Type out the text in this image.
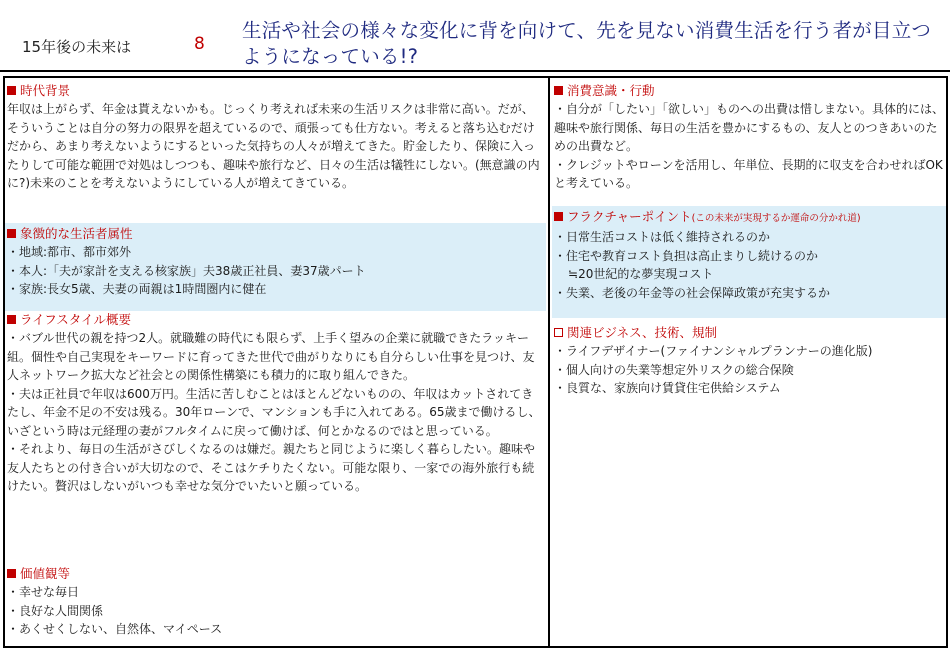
15年後の未来は	8
生活や社会の様々な変化に背を向けて、先を見ない消費生活を行う者が目立つようになっている!?
時代背景
年収は上がらず、年金は貰えないかも。じっくり考えれば未来の生活リスクは非常に高い。だが、そういうことは自分の努力の限界を超えているので、頑張っても仕方ない。考えると落ち込むだけだから、あまり考えないようにするといった気持ちの人々が増えてきた。貯金したり、保険に入ったりして可能な範囲で対処はしつつも、趣味や旅行など、日々の生活は犠牲にしない。(無意識の内に?)未来のことを考えないようにしている人が増えてきている。
象徴的な生活者属性
・地域:都市、都市郊外
・本人:「夫が家計を支える核家族」夫38歳正社員、妻37歳パート
・家族:長女5歳、夫妻の両親は1時間圏内に健在
ライフスタイル概要
・バブル世代の親を持つ2人。就職難の時代にも限らず、上手く望みの企業に就職できたラッキー組。個性や自己実現をキーワードに育ってきた世代で曲がりなりにも自分らしい仕事を見つけ、友人ネットワーク拡大など社会との関係性構築にも積力的に取り組んできた。
・夫は正社員で年収は600万円。生活に苦しむことはほとんどないものの、年収はカットされてきたし、年金不足の不安は残る。30年ローンで、マンションも手に入れてある。65歳まで働けるし、いざという時は元経理の妻がフルタイムに戻って働けば、何とかなるのではと思っている。
・それより、毎日の生活がさびしくなるのは嫌だ。親たちと同じように楽しく暮らしたい。趣味や友人たちとの付き合いが大切なので、そこはケチりたくない。可能な限り、一家での海外旅行も続けたい。贅沢はしないがいつも幸せな気分でいたいと願っている。
価値観等
・幸せな毎日
・良好な人間関係
・あくせくしない、自然体、マイペース
消費意識・行動
・自分が「したい」「欲しい」ものへの出費は惜しまない。具体的には、趣味や旅行関係、毎日の生活を豊かにするもの、友人とのつきあいのための出費など。
・クレジットやローンを活用し、年単位、長期的に収支を合わせればOKと考えている。
フラクチャーポイント(この未来が実現するか運命の分かれ道)
・日常生活コストは低く維持されるのか
・住宅や教育コスト負担は高止まりし続けるのか
≒20世紀的な夢実現コスト
・失業、老後の年金等の社会保障政策が充実するか
関連ビジネス、技術、規制
・ライフデザイナー(ファイナンシャルプランナーの進化版)
・個人向けの失業等想定外リスクの総合保険
・良質な、家族向け賃貸住宅供給システム
